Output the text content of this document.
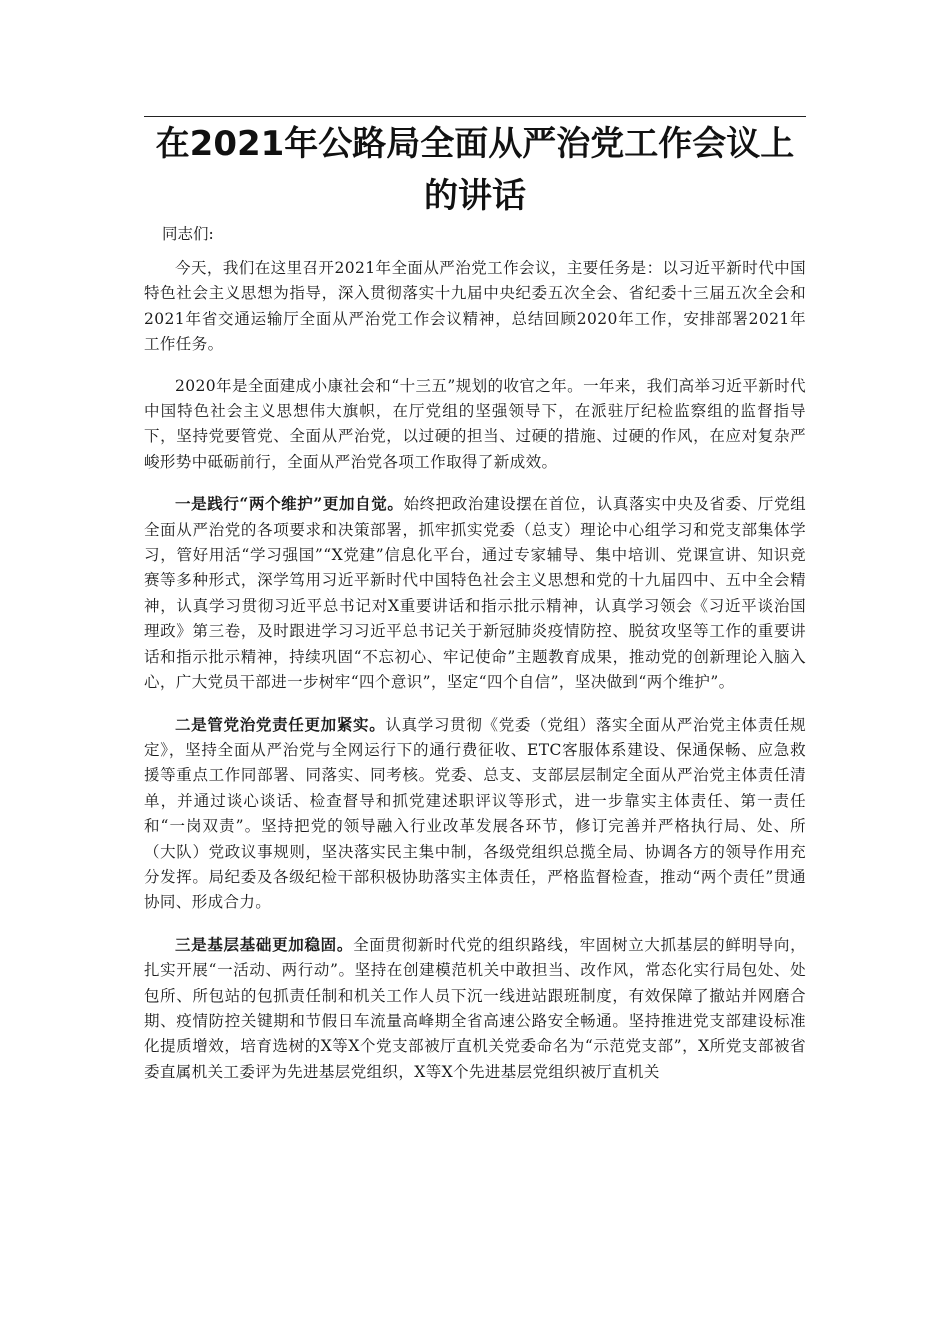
在2021年公路局全面从严治党工作会议上的讲话

同志们:

今天，我们在这里召开2021年全面从严治党工作会议，主要任务是：以习近平新时代中国特色社会主义思想为指导，深入贯彻落实十九届中央纪委五次全会、省纪委十三届五次全会和2021年省交通运输厅全面从严治党工作会议精神，总结回顾2020年工作，安排部署2021年工作任务。

2020年是全面建成小康社会和“十三五”规划的收官之年。一年来，我们高举习近平新时代中国特色社会主义思想伟大旗帜，在厅党组的坚强领导下，在派驻厅纪检监察组的监督指导下，坚持党要管党、全面从严治党，以过硬的担当、过硬的措施、过硬的作风，在应对复杂严峻形势中砥砺前行，全面从严治党各项工作取得了新成效。

一是践行“两个维护”更加自觉。始终把政治建设摆在首位，认真落实中央及省委、厅党组全面从严治党的各项要求和决策部署，抓牢抓实党委（总支）理论中心组学习和党支部集体学习，管好用活“学习强国”“X党建”信息化平台，通过专家辅导、集中培训、党课宣讲、知识竞赛等多种形式，深学笃用习近平新时代中国特色社会主义思想和党的十九届四中、五中全会精神，认真学习贯彻习近平总书记对X重要讲话和指示批示精神，认真学习领会《习近平谈治国理政》第三卷，及时跟进学习习近平总书记关于新冠肺炎疫情防控、脱贫攻坚等工作的重要讲话和指示批示精神，持续巩固“不忘初心、牢记使命”主题教育成果，推动党的创新理论入脑入心，广大党员干部进一步树牢“四个意识”，坚定“四个自信”，坚决做到“两个维护”。

二是管党治党责任更加紧实。认真学习贯彻《党委（党组）落实全面从严治党主体责任规定》，坚持全面从严治党与全网运行下的通行费征收、ETC客服体系建设、保通保畅、应急救援等重点工作同部署、同落实、同考核。党委、总支、支部层层制定全面从严治党主体责任清单，并通过谈心谈话、检查督导和抓党建述职评议等形式，进一步靠实主体责任、第一责任和“一岗双责”。坚持把党的领导融入行业改革发展各环节，修订完善并严格执行局、处、所（大队）党政议事规则，坚决落实民主集中制，各级党组织总揽全局、协调各方的领导作用充分发挥。局纪委及各级纪检干部积极协助落实主体责任，严格监督检查，推动“两个责任”贯通协同、形成合力。

三是基层基础更加稳固。全面贯彻新时代党的组织路线，牢固树立大抓基层的鲜明导向，扎实开展“一活动、两行动”。坚持在创建模范机关中敢担当、改作风，常态化实行局包处、处包所、所包站的包抓责任制和机关工作人员下沉一线进站跟班制度，有效保障了撤站并网磨合期、疫情防控关键期和节假日车流量高峰期全省高速公路安全畅通。坚持推进党支部建设标准化提质增效，培育选树的X等X个党支部被厅直机关党委命名为“示范党支部”，X所党支部被省委直属机关工委评为先进基层党组织，X等X个先进基层党组织被厅直机关
